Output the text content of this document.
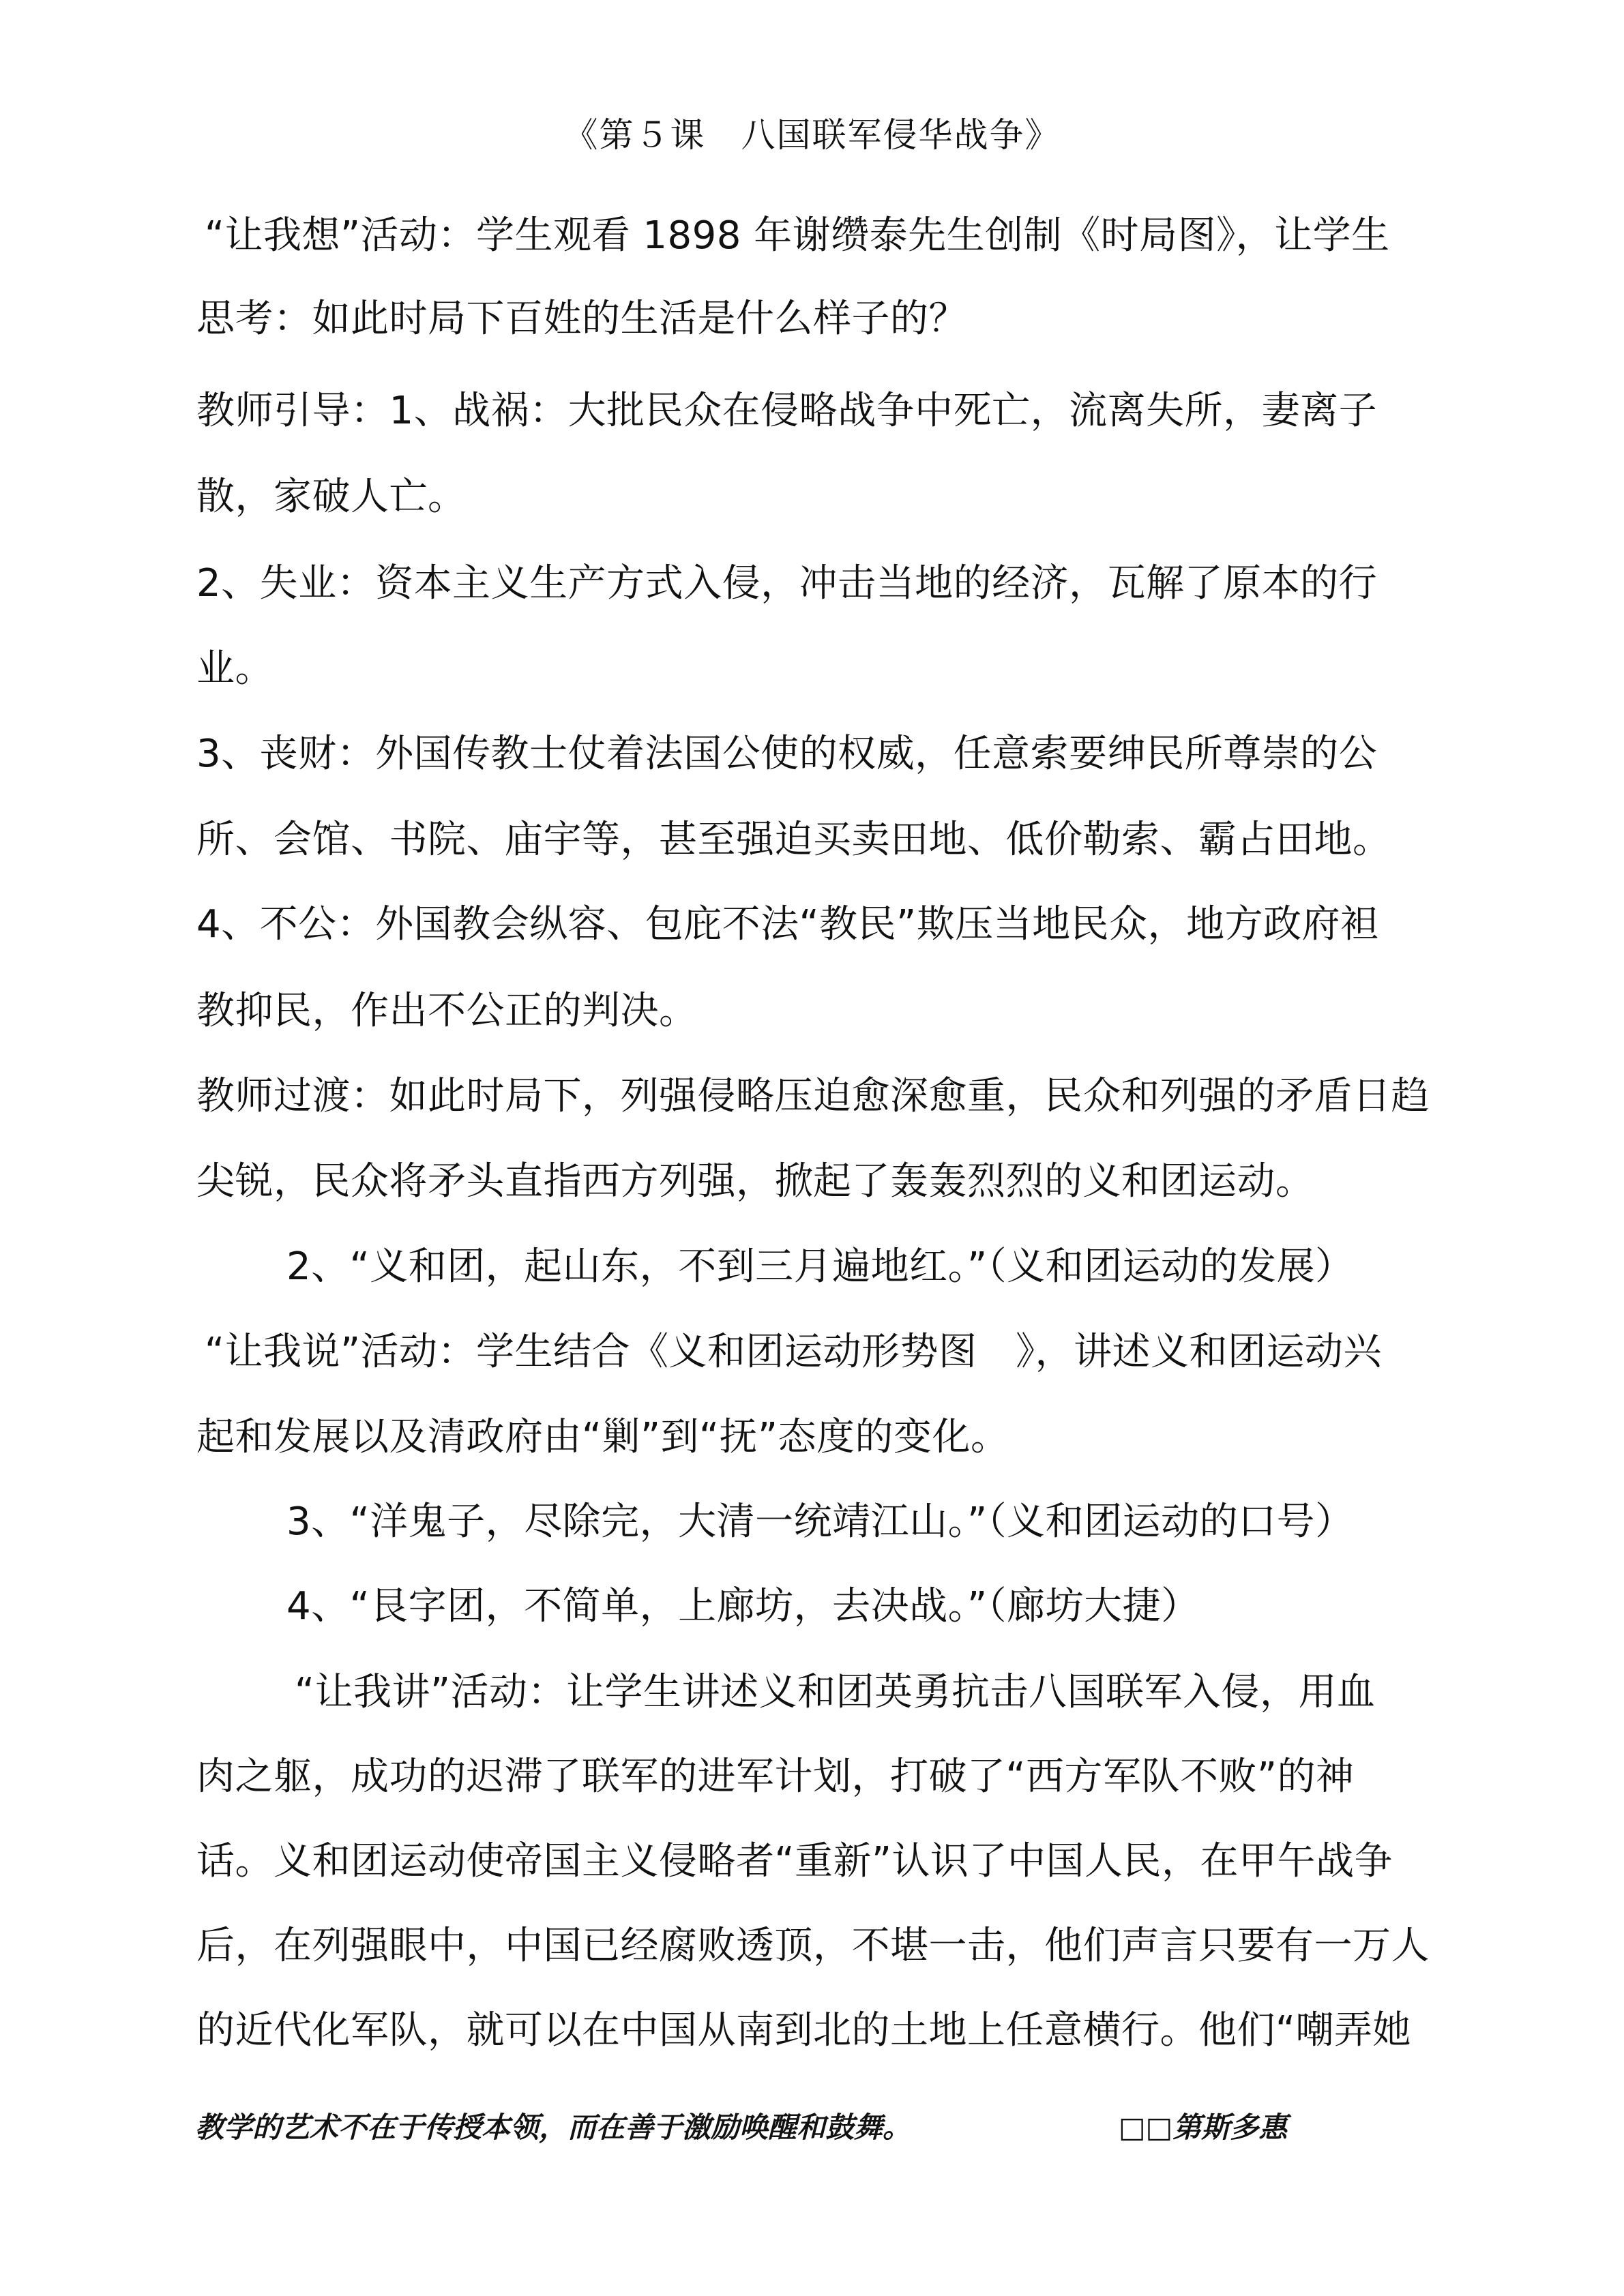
《第５课　八国联军侵华战争》
“让我想”活动：学生观看 1898 年谢缵泰先生创制《时局图》，让学生
思考：如此时局下百姓的生活是什么样子的？
教师引导：1、战祸：大批民众在侵略战争中死亡，流离失所，妻离子
散，家破人亡。
2、失业：资本主义生产方式入侵，冲击当地的经济，瓦解了原本的行
业。
3、丧财：外国传教士仗着法国公使的权威，任意索要绅民所尊崇的公
所、会馆、书院、庙宇等，甚至强迫买卖田地、低价勒索、霸占田地。
4、不公：外国教会纵容、包庇不法“教民”欺压当地民众，地方政府袒
教抑民，作出不公正的判决。
教师过渡：如此时局下，列强侵略压迫愈深愈重，民众和列强的矛盾日趋
尖锐，民众将矛头直指西方列强，掀起了轰轰烈烈的义和团运动。
2、“义和团，起山东，不到三月遍地红。”（义和团运动的发展）
“让我说”活动：学生结合《义和团运动形势图　》，讲述义和团运动兴
起和发展以及清政府由“剿”到“抚”态度的变化。
3、“洋鬼子，尽除完，大清一统靖江山。”（义和团运动的口号）
4、“艮字团，不简单，上廊坊，去决战。”（廊坊大捷）
“让我讲”活动：让学生讲述义和团英勇抗击八国联军入侵，用血
肉之躯，成功的迟滞了联军的进军计划，打破了“西方军队不败”的神
话。义和团运动使帝国主义侵略者“重新”认识了中国人民，在甲午战争
后，在列强眼中，中国已经腐败透顶，不堪一击，他们声言只要有一万人
的近代化军队，就可以在中国从南到北的土地上任意横行。他们“嘲弄她
教学的艺术不在于传授本领，而在善于激励唤醒和鼓舞。	□□第斯多惠
